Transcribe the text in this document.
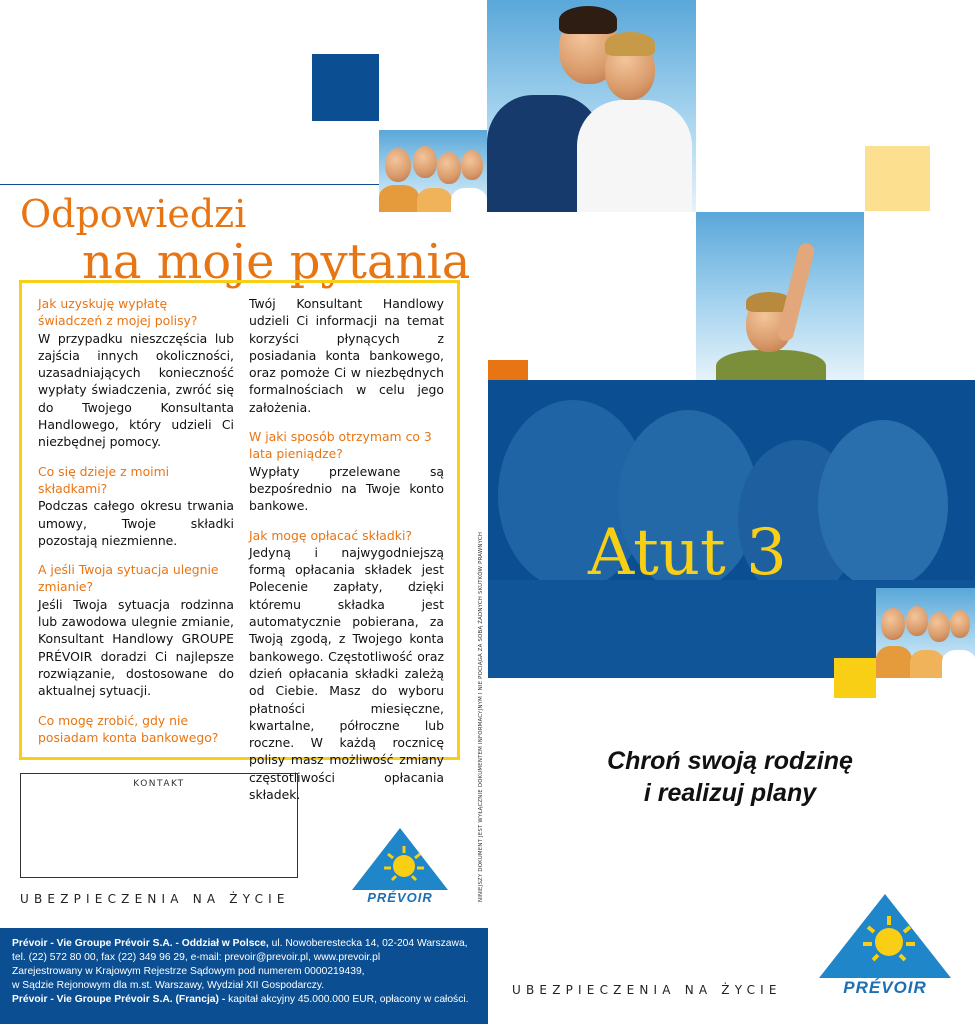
Odpowiedzi
na moje pytania

Jak uzyskuję wypłatę świadczeń z mojej polisy?
W przypadku nieszczęścia lub zajścia innych okoliczności, uzasadniających konieczność wypłaty świadczenia, zwróć się do Twojego Konsultanta Handlowego, który udzieli Ci niezbędnej pomocy.

Co się dzieje z moimi składkami?
Podczas całego okresu trwania umowy, Twoje składki pozostają niezmienne.

A jeśli Twoja sytuacja ulegnie zmianie?
Jeśli Twoja sytuacja rodzinna lub zawodowa ulegnie zmianie, Konsultant Handlowy GROUPE PRÉVOIR doradzi Ci najlepsze rozwiązanie, dostosowane do aktualnej sytuacji.

Co mogę zrobić, gdy nie posiadam konta bankowego?

Twój Konsultant Handlowy udzieli Ci informacji na temat korzyści płynących z posiadania konta bankowego, oraz pomoże Ci w niezbędnych formalnościach w celu jego założenia.

W jaki sposób otrzymam co 3 lata pieniądze?
Wypłaty przelewane są bezpośrednio na Twoje konto bankowe.

Jak mogę opłacać składki?
Jedyną i najwygodniejszą formą opłacania składek jest Polecenie zapłaty, dzięki któremu składka jest automatycznie pobierana, za Twoją zgodą, z Twojego konta bankowego. Częstotliwość oraz dzień opłacania składki zależą od Ciebie. Masz do wyboru płatności miesięczne, kwartalne, półroczne lub roczne. W każdą rocznicę polisy masz możliwość zmiany częstotliwości opłacania składek.

KONTAKT
UBEZPIECZENIA NA ŻYCIE	PRÉVOIR	NINIEJSZY DOKUMENT JEST WYŁĄCZNIE DOKUMENTEM INFORMACYJNYM I NIE POCIĄGA ZA SOBĄ ŻADNYCH SKUTKÓW PRAWNYCH
Prévoir - Vie Groupe Prévoir S.A. - Oddział w Polsce, ul. Nowoberestecka 14, 02-204 Warszawa,
tel. (22) 572 80 00, fax (22) 349 96 29, e-mail: prevoir@prevoir.pl, www.prevoir.pl
Zarejestrowany w Krajowym Rejestrze Sądowym pod numerem 0000219439,
w Sądzie Rejonowym dla m.st. Warszawy, Wydział XII Gospodarczy.
Prévoir - Vie Groupe Prévoir S.A. (Francja) - kapitał akcyjny 45.000.000 EUR, opłacony w całości.
Atut 3
Chroń swoją rodzinę
i realizuj plany
PRÉVOIR
UBEZPIECZENIA NA ŻYCIE
